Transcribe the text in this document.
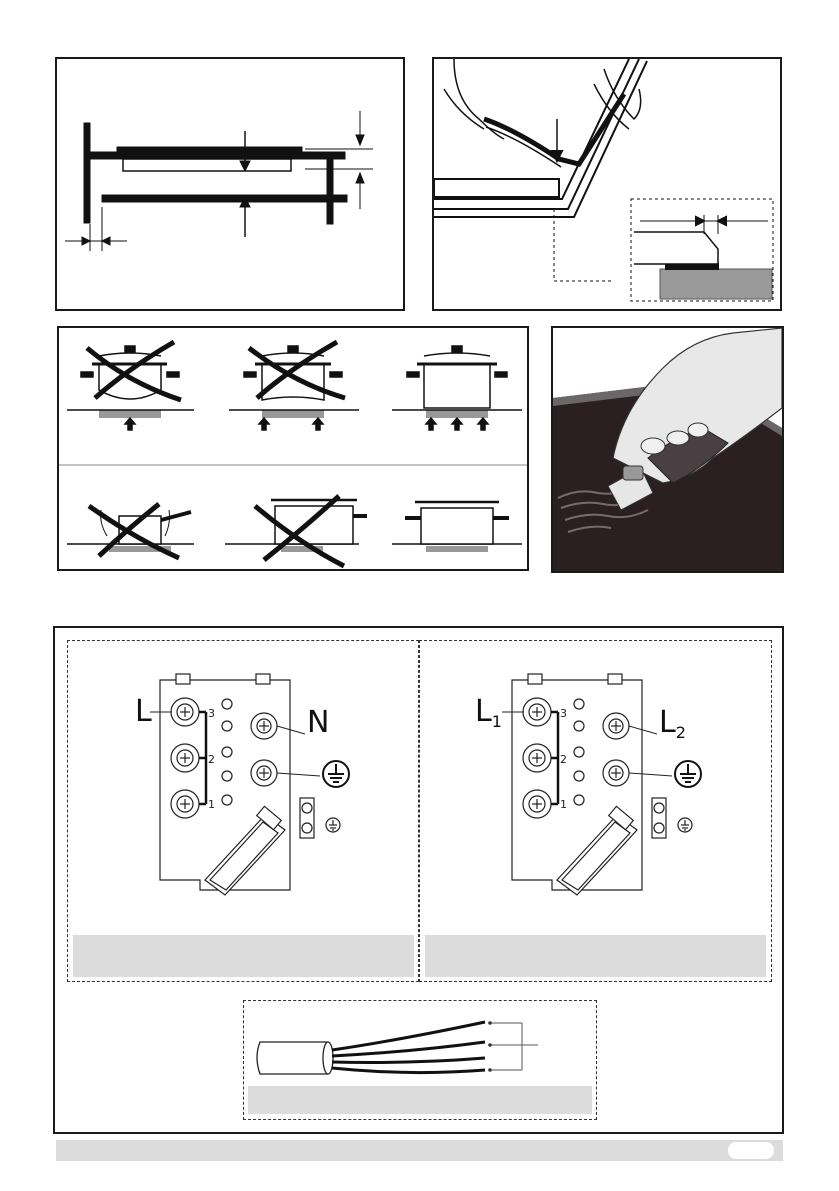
3
2
1
L	N	3
2
1
$L_1$	$L_2$
